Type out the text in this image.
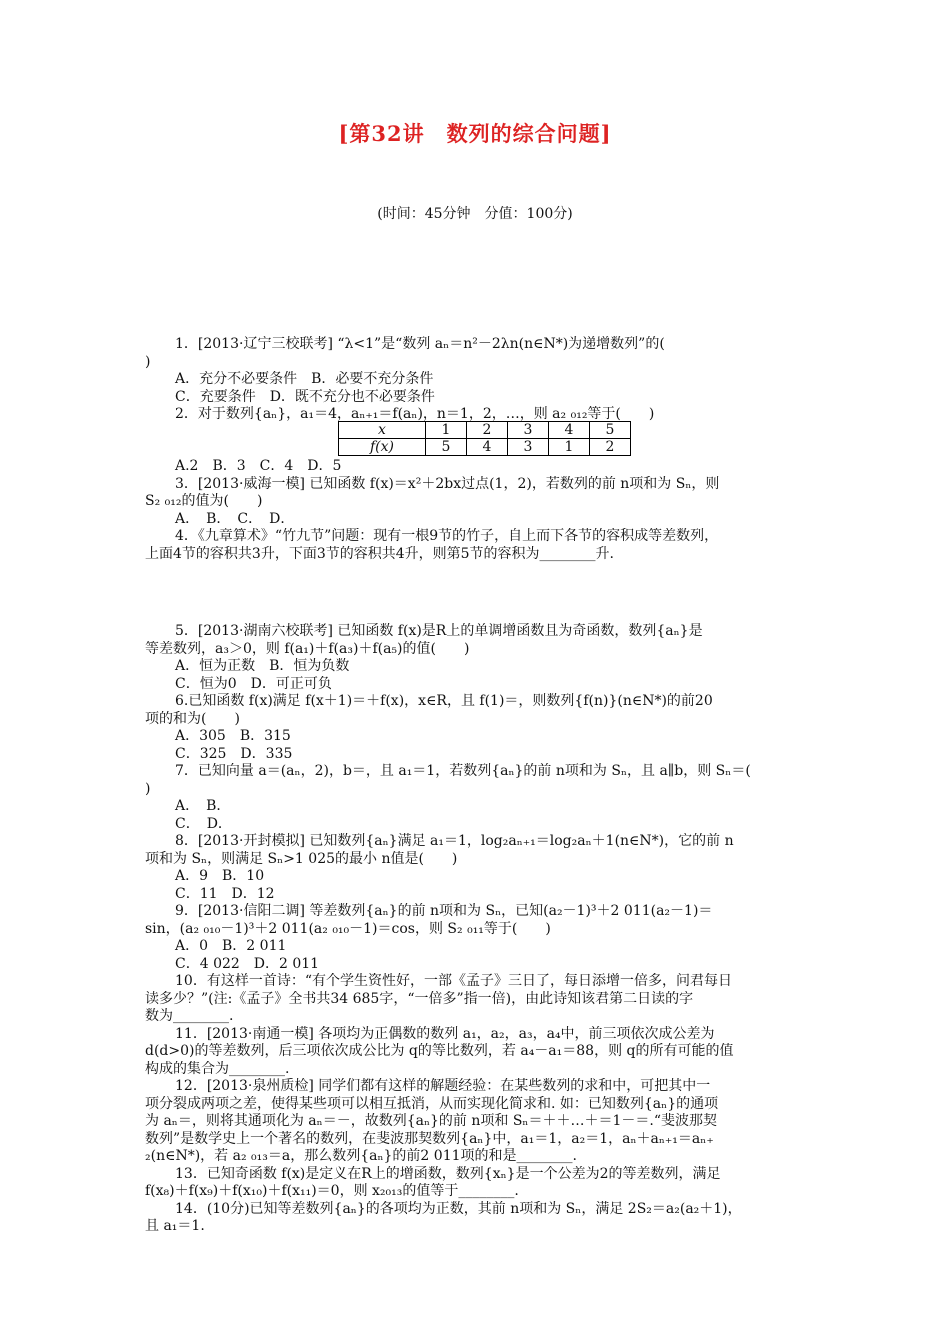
[第32讲　数列的综合问题]
(时间：45分钟　分值：100分)
1．[2013·辽宁三校联考] “λ<1”是“数列 aₙ＝n²－2λn(n∈N*)为递增数列”的(
)
A．充分不必要条件　B．必要不充分条件
C．充要条件　D．既不充分也不必要条件
2．对于数列{aₙ}，a₁＝4，aₙ₊₁＝f(aₙ)，n＝1，2，…，则 a₂ ₀₁₂等于(　　)
x	1	2	3	4	5
f(x)	5	4	3	1	2
A.2　B．3　C．4　D．5
3．[2013·威海一模] 已知函数 f(x)＝x²＋2bx过点(1，2)，若数列的前 n项和为 Sₙ，则
S₂ ₀₁₂的值为(　　)
A．　B．　C．　D．
4．《九章算术》“竹九节”问题：现有一根9节的竹子，自上而下各节的容积成等差数列，
上面4节的容积共3升，下面3节的容积共4升，则第5节的容积为________升.
5．[2013·湖南六校联考] 已知函数 f(x)是R上的单调增函数且为奇函数，数列{aₙ}是
等差数列，a₃＞0，则 f(a₁)＋f(a₃)＋f(a₅)的值(　　)
A．恒为正数　B．恒为负数
C．恒为0　D．可正可负
6.已知函数 f(x)满足 f(x＋1)＝＋f(x)，x∈R，且 f(1)＝，则数列{f(n)}(n∈N*)的前20
项的和为(　　)
A．305　B．315
C．325　D．335
7．已知向量 a＝(aₙ，2)，b＝，且 a₁＝1，若数列{aₙ}的前 n项和为 Sₙ，且 a∥b，则 Sₙ＝(
)
A．　B．
C．　D．
8．[2013·开封模拟] 已知数列{aₙ}满足 a₁＝1，log₂aₙ₊₁＝log₂aₙ＋1(n∈N*)，它的前 n
项和为 Sₙ，则满足 Sₙ>1 025的最小 n值是(　　)
A．9　B．10
C．11　D．12
9．[2013·信阳二调] 等差数列{aₙ}的前 n项和为 Sₙ，已知(a₂－1)³＋2 011(a₂－1)＝
sin，(a₂ ₀₁₀－1)³＋2 011(a₂ ₀₁₀－1)＝cos，则 S₂ ₀₁₁等于(　　)
A．0　B．2 011
C．4 022　D．2 011
10．有这样一首诗：“有个学生资性好，一部《孟子》三日了，每日添增一倍多，问君每日
读多少？”(注:《孟子》全书共34 685字，“一倍多”指一倍)，由此诗知该君第二日读的字
数为________.
11．[2013·南通一模] 各项均为正偶数的数列 a₁，a₂，a₃，a₄中，前三项依次成公差为
d(d>0)的等差数列，后三项依次成公比为 q的等比数列，若 a₄－a₁＝88，则 q的所有可能的值
构成的集合为________.
12．[2013·泉州质检] 同学们都有这样的解题经验：在某些数列的求和中，可把其中一
项分裂成两项之差，使得某些项可以相互抵消，从而实现化简求和. 如：已知数列{aₙ}的通项
为 aₙ＝，则将其通项化为 aₙ＝－，故数列{aₙ}的前 n项和 Sₙ＝＋＋…＋＝1－＝.“斐波那契
数列”是数学史上一个著名的数列，在斐波那契数列{aₙ}中，a₁＝1，a₂＝1，aₙ＋aₙ₊₁＝aₙ₊
₂(n∈N*)，若 a₂ ₀₁₃＝a，那么数列{aₙ}的前2 011项的和是________.
13．已知奇函数 f(x)是定义在R上的增函数，数列{xₙ}是一个公差为2的等差数列，满足
f(x₈)＋f(x₉)＋f(x₁₀)＋f(x₁₁)＝0，则 x₂₀₁₃的值等于________.
14．(10分)已知等差数列{aₙ}的各项均为正数，其前 n项和为 Sₙ，满足 2S₂＝a₂(a₂＋1)，
且 a₁＝1.
